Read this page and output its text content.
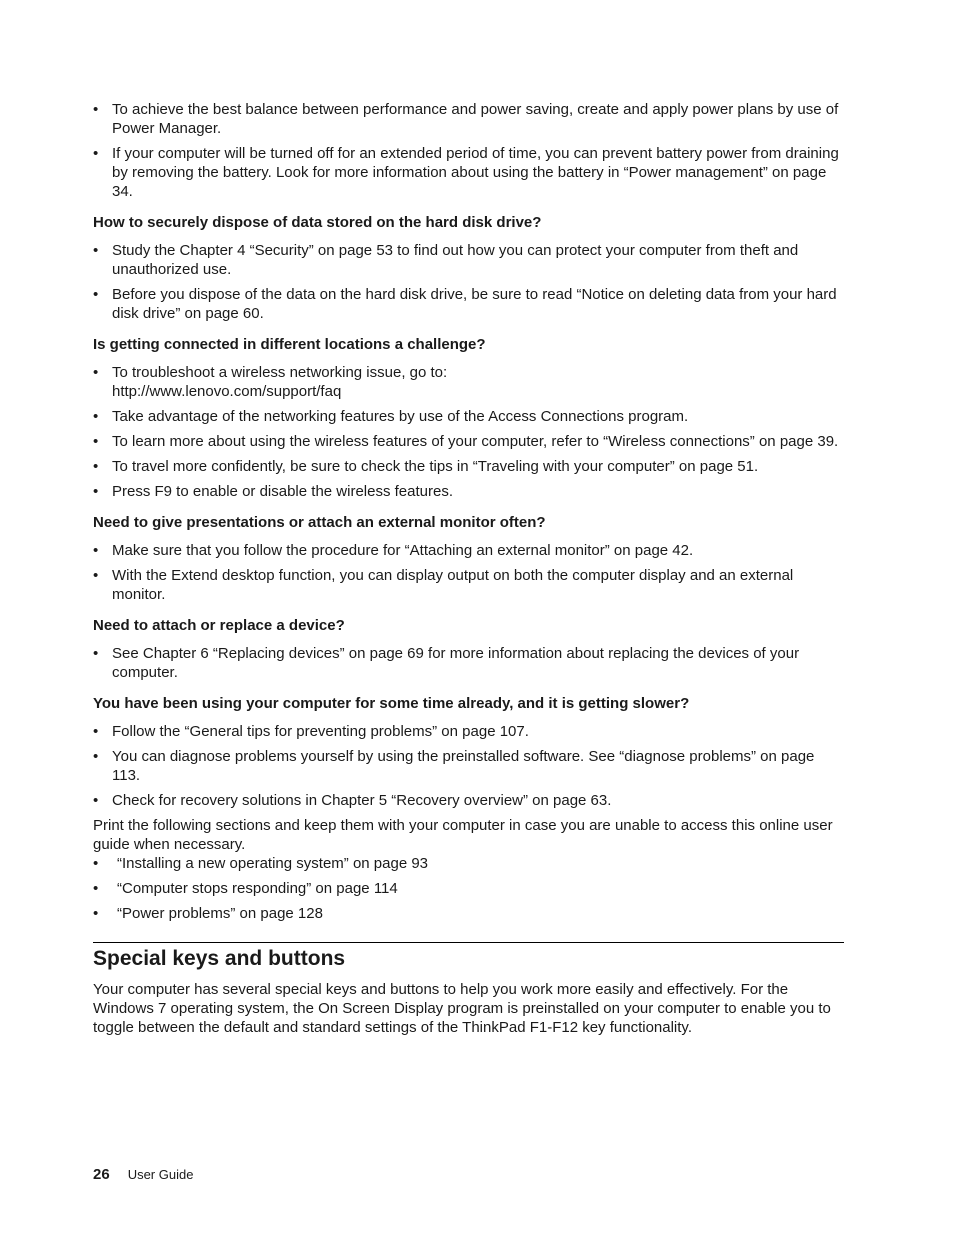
• To achieve the best balance between performance and power saving, create and apply power plans by use of Power Manager.
• If your computer will be turned off for an extended period of time, you can prevent battery power from draining by removing the battery. Look for more information about using the battery in “Power management” on page 34.
How to securely dispose of data stored on the hard disk drive?
• Study the Chapter 4 “Security” on page 53 to find out how you can protect your computer from theft and unauthorized use.
• Before you dispose of the data on the hard disk drive, be sure to read “Notice on deleting data from your hard disk drive” on page 60.
Is getting connected in different locations a challenge?
• To troubleshoot a wireless networking issue, go to:
http://www.lenovo.com/support/faq
• Take advantage of the networking features by use of the Access Connections program.
• To learn more about using the wireless features of your computer, refer to “Wireless connections” on page 39.
• To travel more confidently, be sure to check the tips in “Traveling with your computer” on page 51.
• Press F9 to enable or disable the wireless features.
Need to give presentations or attach an external monitor often?
• Make sure that you follow the procedure for “Attaching an external monitor” on page 42.
• With the Extend desktop function, you can display output on both the computer display and an external monitor.
Need to attach or replace a device?
• See Chapter 6 “Replacing devices” on page 69 for more information about replacing the devices of your computer.
You have been using your computer for some time already, and it is getting slower?
• Follow the “General tips for preventing problems” on page 107.
• You can diagnose problems yourself by using the preinstalled software. See “diagnose problems” on page 113.
• Check for recovery solutions in Chapter 5 “Recovery overview” on page 63.

Print the following sections and keep them with your computer in case you are unable to access this online user guide when necessary.

• “Installing a new operating system” on page 93
• “Computer stops responding” on page 114
• “Power problems” on page 128
Special keys and buttons

Your computer has several special keys and buttons to help you work more easily and effectively. For the Windows 7 operating system, the On Screen Display program is preinstalled on your computer to enable you to toggle between the default and standard settings of the ThinkPad F1-F12 key functionality.

26 User Guide
